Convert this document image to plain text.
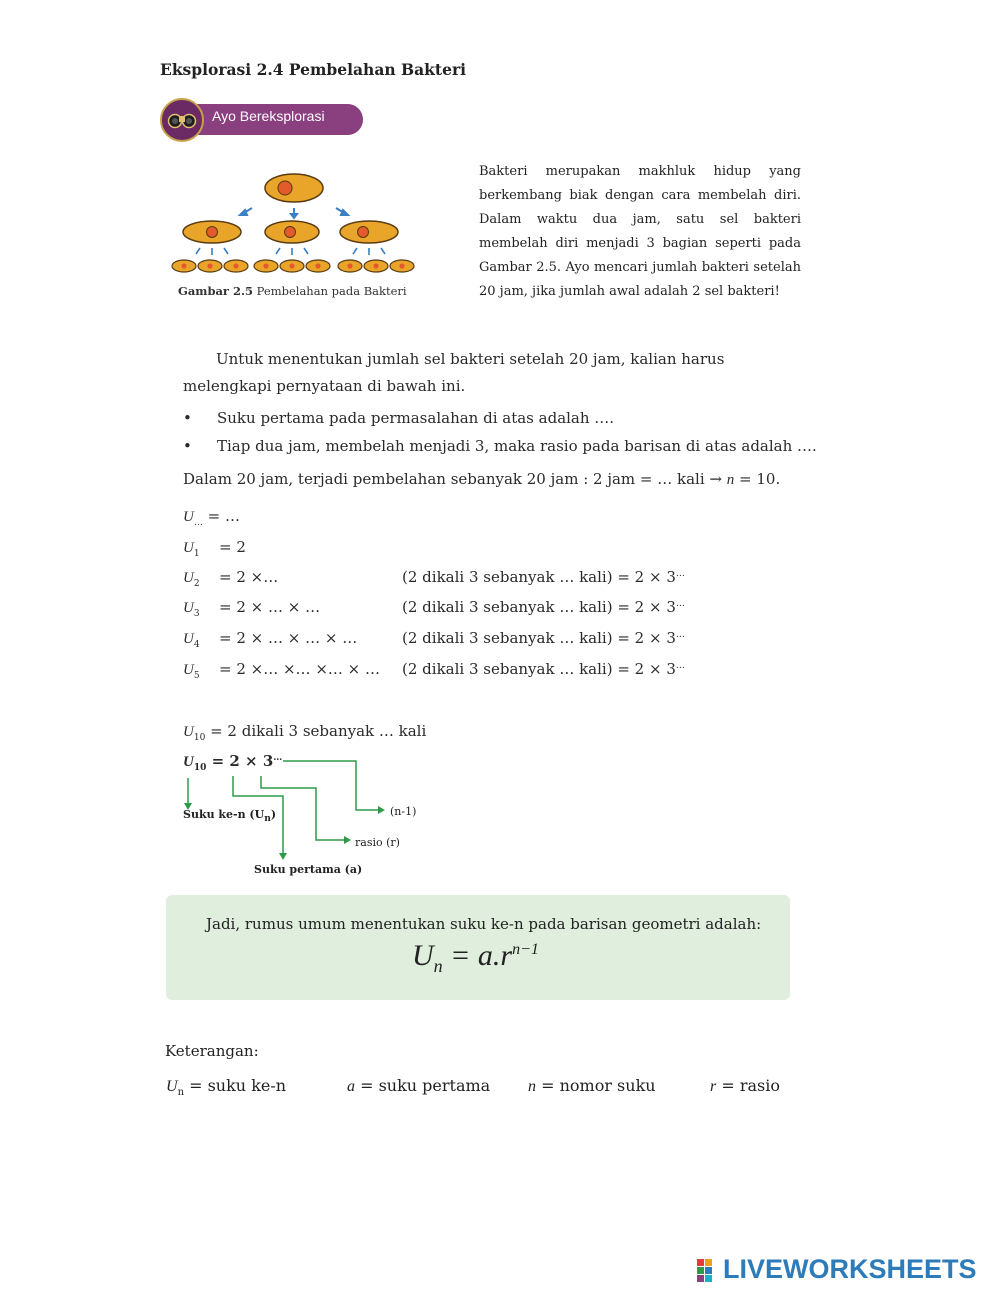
Eksplorasi 2.4 Pembelahan Bakteri
Ayo Bereksplorasi
Gambar 2.5 Pembelahan pada Bakteri
Bakteri merupakan makhluk hidup yang berkembang biak dengan cara membelah diri. Dalam waktu dua jam, satu sel bakteri membelah diri menjadi 3 bagian seperti pada Gambar 2.5. Ayo mencari jumlah bakteri setelah 20 jam, jika jumlah awal adalah 2 sel bakteri!
Untuk menentukan jumlah sel bakteri setelah 20 jam, kalian harus melengkapi pernyataan di bawah ini.
• Suku pertama pada permasalahan di atas adalah ….
• Tiap dua jam, membelah menjadi 3, maka rasio pada barisan di atas adalah ….
Dalam 20 jam, terjadi pembelahan sebanyak 20 jam : 2 jam = … kali → n = 10.
$U_\dots$ = …
$U_1 = 2$
$U_2 = 2$ ×…	(2 dikali 3 sebanyak … kali) = 2 × 3…
$U_3 = 2$ × … × …	(2 dikali 3 sebanyak … kali) = 2 × 3…
$U_4 = 2$ × … × … × …	(2 dikali 3 sebanyak … kali) = 2 × 3…
$U_5 = 2$ ×… ×… ×… × … (2 dikali 3 sebanyak … kali) = 2 × 3…
$U_{10} = 2$ dikali 3 sebanyak … kali
$U_{10} = 2 \times 3^\dots$
Suku ke-n $(U_n)$	(n-1)
rasio (r)
Suku pertama (a)
Jadi, rumus umum menentukan suku ke-n pada barisan geometri adalah:
$U_n = a.r^{n-1}$
Keterangan:
$U_n$ = suku ke-n	a = suku pertama n = nomor suku	r = rasio
LIVEWORKSHEETS
